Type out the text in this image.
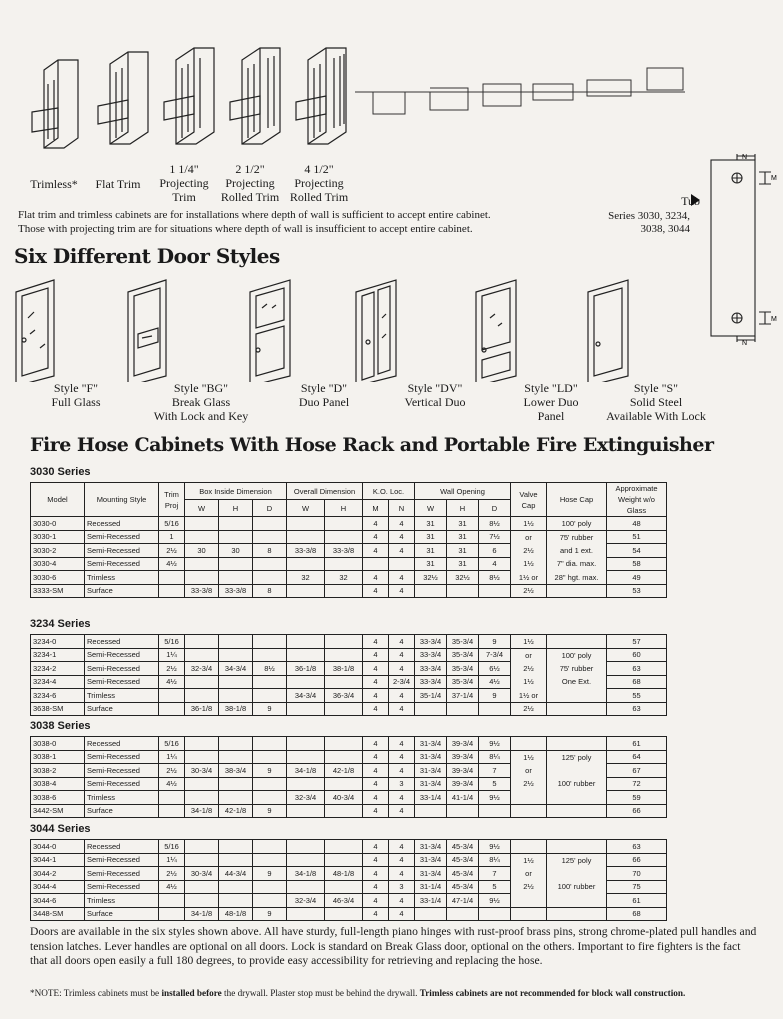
Trimless*	Flat Trim
1 1/4" Projecting Trim
2 1/2" Projecting Rolled Trim
4 1/2" Projecting Rolled Trim
Flat trim and trimless cabinets are for installations where depth of wall is sufficient to accept entire cabinet.
Those with projecting trim are for situations where depth of wall is insufficient to accept entire cabinet.
Tub
Series 3030, 3234,
3038, 3044
N
M
M
N
Six Different Door Styles
Style "F"
Full Glass
Style "BG"
Break Glass
With Lock and Key
Style "D"
Duo Panel
Style "DV"
Vertical Duo
Style "LD"
Lower Duo
Panel
Style "S"
Solid Steel
Available With Lock
Fire Hose Cabinets With Hose Rack and Portable Fire Extinguisher
3030 Series
Model	Mounting Style	Trim Proj	Box Inside Dimension			Overall Dimension		K.O. Loc.		Wall Opening			Valve Cap	Hose Cap	Approximate Weight w/o Glass
			W	H	D	W	H	M	N	W	H	D			
3030-0	Recessed	5/16						4	4	31	31	8½	1½	100' poly	48
3030-1	Semi-Recessed	1						4	4	31	31	7½	or	75' rubber	51
3030-2	Semi-Recessed	2½	30	30	8	33-3/8	33-3/8	4	4	31	31	6	2½	and 1 ext.	54
3030-4	Semi-Recessed	4½								31	31	4	1½	7" dia. max.	58
3030-6	Trimless					32	32	4	4	32½	32½	8½	1½ or	28" hgt. max.	49
3333-SM	Surface		33-3/8	33-3/8	8			4	4				2½		53
3234 Series
3234-0	Recessed	5/16						4	4	33-3/4	35-3/4	9	1½		57
3234-1	Semi-Recessed	1¼						4	4	33-3/4	35-3/4	7-3/4	or	100' poly	60
3234-2	Semi-Recessed	2½	32-3/4	34-3/4	8½	36-1/8	38-1/8	4	4	33-3/4	35-3/4	6½	2½	75' rubber	63
3234-4	Semi-Recessed	4½						4	2-3/4	33-3/4	35-3/4	4½	1½	One Ext.	68
3234-6	Trimless					34-3/4	36-3/4	4	4	35-1/4	37-1/4	9	1½ or		55
3638-SM	Surface		36-1/8	38-1/8	9			4	4				2½		63
3038 Series
3038-0	Recessed	5/16						4	4	31-3/4	39-3/4	9½			61
3038-1	Semi-Recessed	1¼						4	4	31-3/4	39-3/4	8¼	1½	125' poly	64
3038-2	Semi-Recessed	2½	30-3/4	38-3/4	9	34-1/8	42-1/8	4	4	31-3/4	39-3/4	7	or		67
3038-4	Semi-Recessed	4½						4	3	31-3/4	39-3/4	5	2½	100' rubber	72
3038-6	Trimless					32-3/4	40-3/4	4	4	33-1/4	41-1/4	9½			59
3442-SM	Surface		34-1/8	42-1/8	9			4	4						66
3044 Series
3044-0	Recessed	5/16						4	4	31-3/4	45-3/4	9½			63
3044-1	Semi-Recessed	1¼						4	4	31-3/4	45-3/4	8¼	1½	125' poly	66
3044-2	Semi-Recessed	2½	30-3/4	44-3/4	9	34-1/8	48-1/8	4	4	31-3/4	45-3/4	7	or		70
3044-4	Semi-Recessed	4½						4	3	31-1/4	45-3/4	5	2½	100' rubber	75
3044-6	Trimless					32-3/4	46-3/4	4	4	33-1/4	47-1/4	9½			61
3448-SM	Surface		34-1/8	48-1/8	9			4	4						68
Doors are available in the six styles shown above. All have sturdy, full-length piano hinges with rust-proof brass pins, strong chrome-plated pull handles and tension latches. Lever handles are optional on all doors. Lock is standard on Break Glass door, optional on the others. Important to fire fighters is the fact that all doors open easily a full 180 degrees, to provide easy accessibility for retrieving and replacing the hose.
*NOTE: Trimless cabinets must be installed before the drywall. Plaster stop must be behind the drywall. Trimless cabinets are not recommended for block wall construction.
